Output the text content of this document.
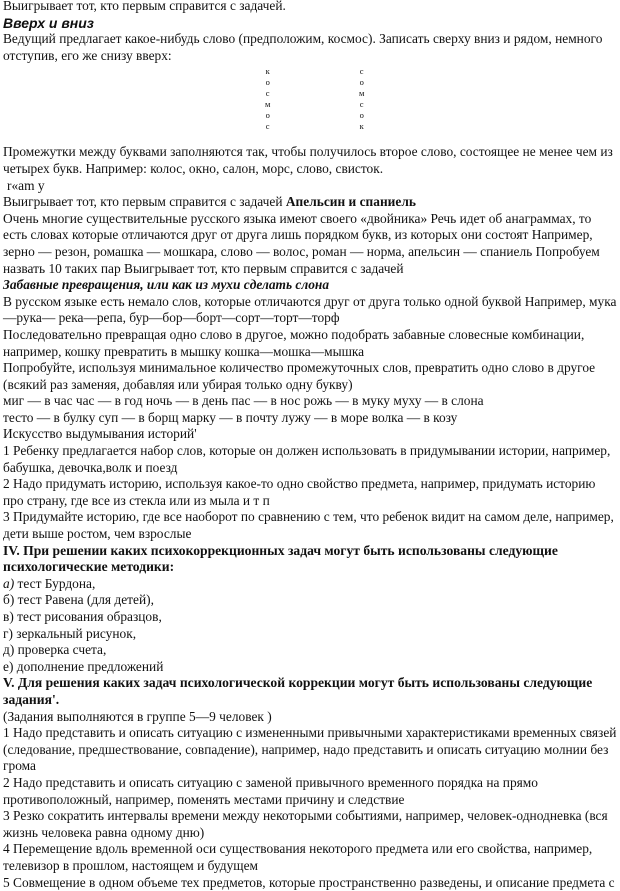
Выигрывает тот, кто первым справится с задачей.
Вверх и вниз
Ведущий предлагает какое-нибудь слово (предположим, космос). Записать сверху вниз и рядом, немного отступив, его же снизу вверх:
к
о
с
м
о
с
с
о
м
с
о
к
Промежутки между буквами заполняются так, чтобы получилось второе слово, состоящее не менее чем из четырех букв. Например: колос, окно, салон, морс, слово, свисток.
r«am у
Выигрывает тот, кто первым справится с задачей Апельсин и спаниель
Очень многие существительные русского языка имеют своего «двойника» Речь идет об анаграммах, то есть словах которые отличаются друг от друга лишь порядком букв, из которых они состоят Например, зерно — резон, ромашка — мошкара, слово — волос, роман — норма, апельсин — спаниель Попробуем назвать 10 таких пар Выигрывает тот, кто первым справится с задачей
Забавные превращения, или как из мухи сделать слона
В русском языке есть немало слов, которые отличаются друг от друга только одной буквой Например, мука—рука— река—репа, бур—бор—борт—сорт—торт—торф
Последовательно превращая одно слово в другое, можно подобрать забавные словесные комбинации, например, кошку превратить в мышку кошка—мошка—мышка
Попробуйте, используя минимальное количество промежуточных слов, превратить одно слово в другое (всякий раз заменяя, добавляя или убирая только одну букву)
миг — в час час — в год ночь — в день пас — в нос рожь — в муку муху — в слона
тесто — в булку суп — в борщ марку — в почту лужу — в море волка — в козу
Искусство выдумывания историй'
1 Ребенку предлагается набор слов, которые он должен использовать в придумывании истории, например, бабушка, девочка,волк и поезд
2 Надо придумать историю, используя какое-то одно свойство предмета, например, придумать историю про страну, где все из стекла или из мыла и т п
3 Придумайте историю, где все наоборот по сравнению с тем, что ребенок видит на самом деле, например, дети выше ростом, чем взрослые
IV. При решении каких психокоррекционных задач могут быть использованы следующие психологические методики:
а) тест Бурдона,
б) тест Равена (для детей),
в) тест рисования образцов,
г) зеркальный рисунок,
д) проверка счета,
е) дополнение предложений
V. Для решения каких задач психологической коррекции могут быть использованы следующие задания'.
(Задания выполняются в группе 5—9 человек )
1 Надо представить и описать ситуацию с измененными привычными характеристиками временных связей (следование, предшествование, совпадение), например, надо представить и описать ситуацию молнии без грома
2 Надо представить и описать ситуацию с заменой привычного временного порядка на прямо противоположный, например, поменять местами причину и следствие
3 Резко сократить интервалы времени между некоторыми событиями, например, человек-однодневка (вся жизнь человека равна одному дню)
4 Перемещение вдоль временной оси существования некоторого предмета или его свойства, например, телевизор в прошлом, настоящем и будущем
5 Совмещение в одном объеме тех предметов, которые пространственно разведены, и описание предмета с
